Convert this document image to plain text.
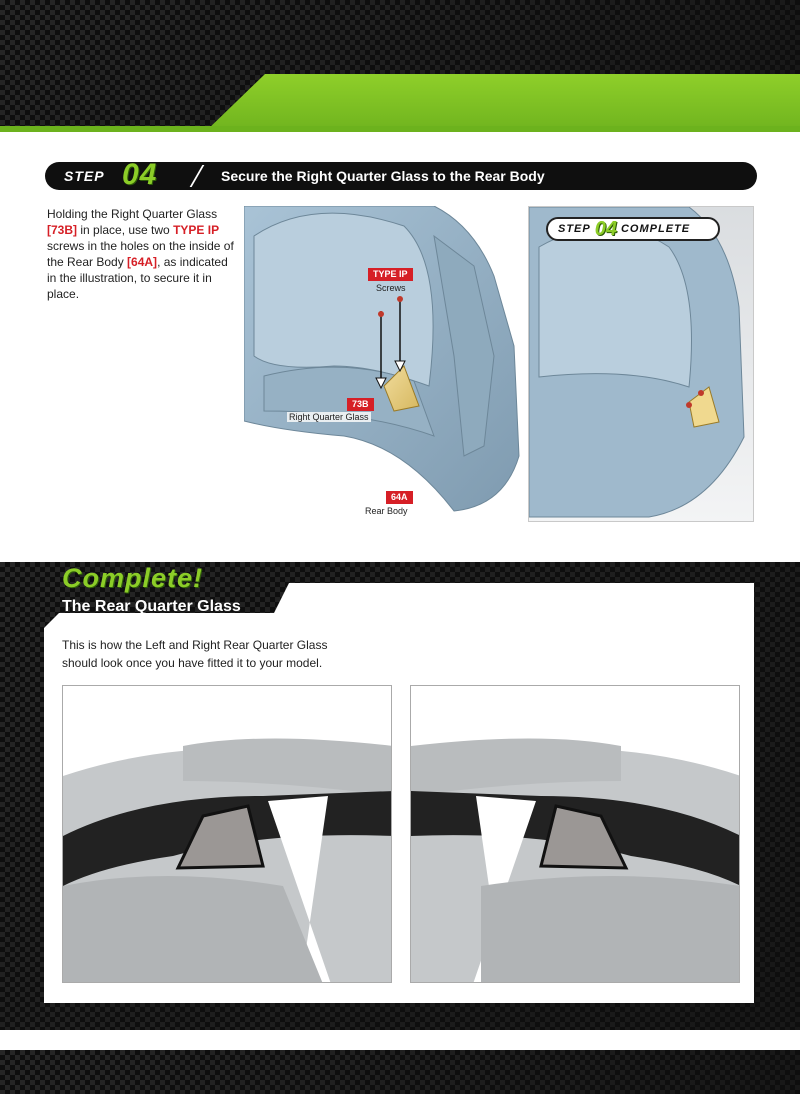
STEP 04	Secure the Right Quarter Glass to the Rear Body

Holding the Right Quarter Glass [73B] in place, use two TYPE IP screws in the holes on the inside of the Rear Body [64A], as indicated in the illustration, to secure it in place.

TYPE IP
Screws
73B
Right Quarter Glass
64A
Rear Body
STEP 04 COMPLETE
Complete!
The Rear Quarter Glass

This is how the Left and Right Rear Quarter Glass should look once you have fitted it to your model.
